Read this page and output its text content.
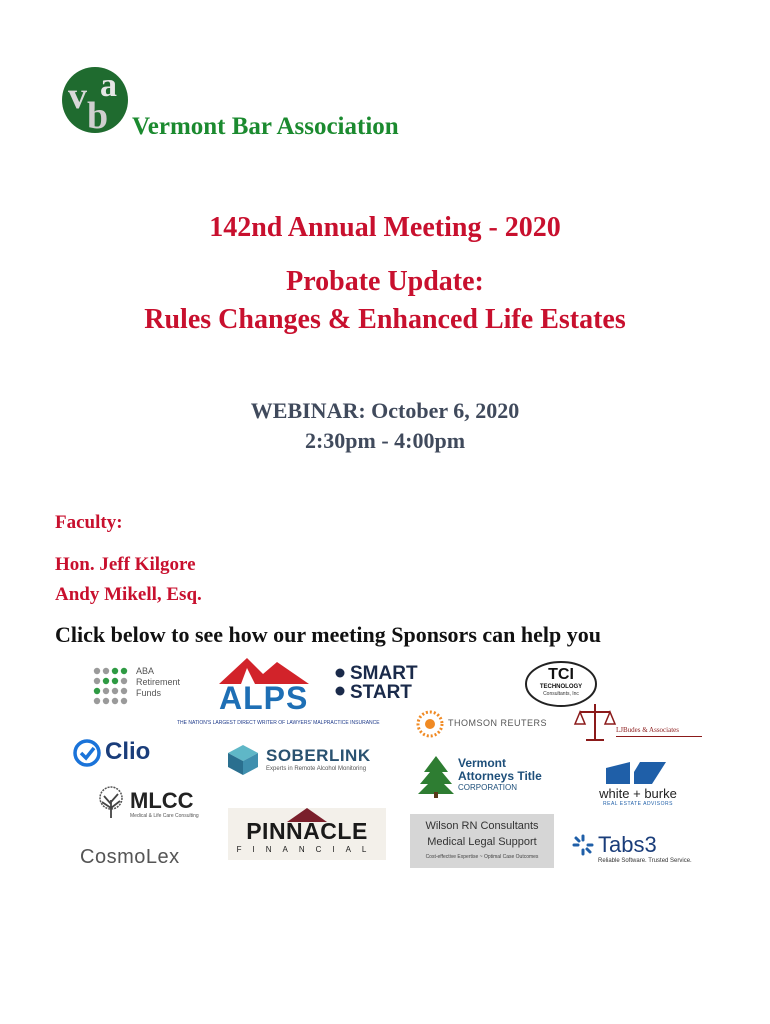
v b
a
Vermont Bar Association
142nd Annual Meeting - 2020
Probate Update:
Rules Changes & Enhanced Life Estates
WEBINAR: October 6, 2020
2:30pm - 4:00pm
Faculty:
Hon. Jeff Kilgore
Andy Mikell, Esq.
Click below to see how our meeting Sponsors can help you
ABA
Retirement
Funds	ALPS
THE NATION'S LARGEST DIRECT WRITER OF LAWYERS' MALPRACTICE INSURANCE
SMART
START
TCI
TECHNOLOGY
Consultants, Inc
THOMSON REUTERS
LJBudes & Associates
Clio	SOBERLINK
Experts in Remote Alcohol Monitoring	Vermont
Attorneys Title
CORPORATION	white + burke
REAL ESTATE ADVISORS
MLCC
Medical & Life Care Consulting
PINNACLE
FINANCIAL
Wilson RN Consultants
Medical Legal Support
Cost-effective Expertise ~ Optimal Case Outcomes	Tabs3
Reliable Software. Trusted Service.
CosmoLex
